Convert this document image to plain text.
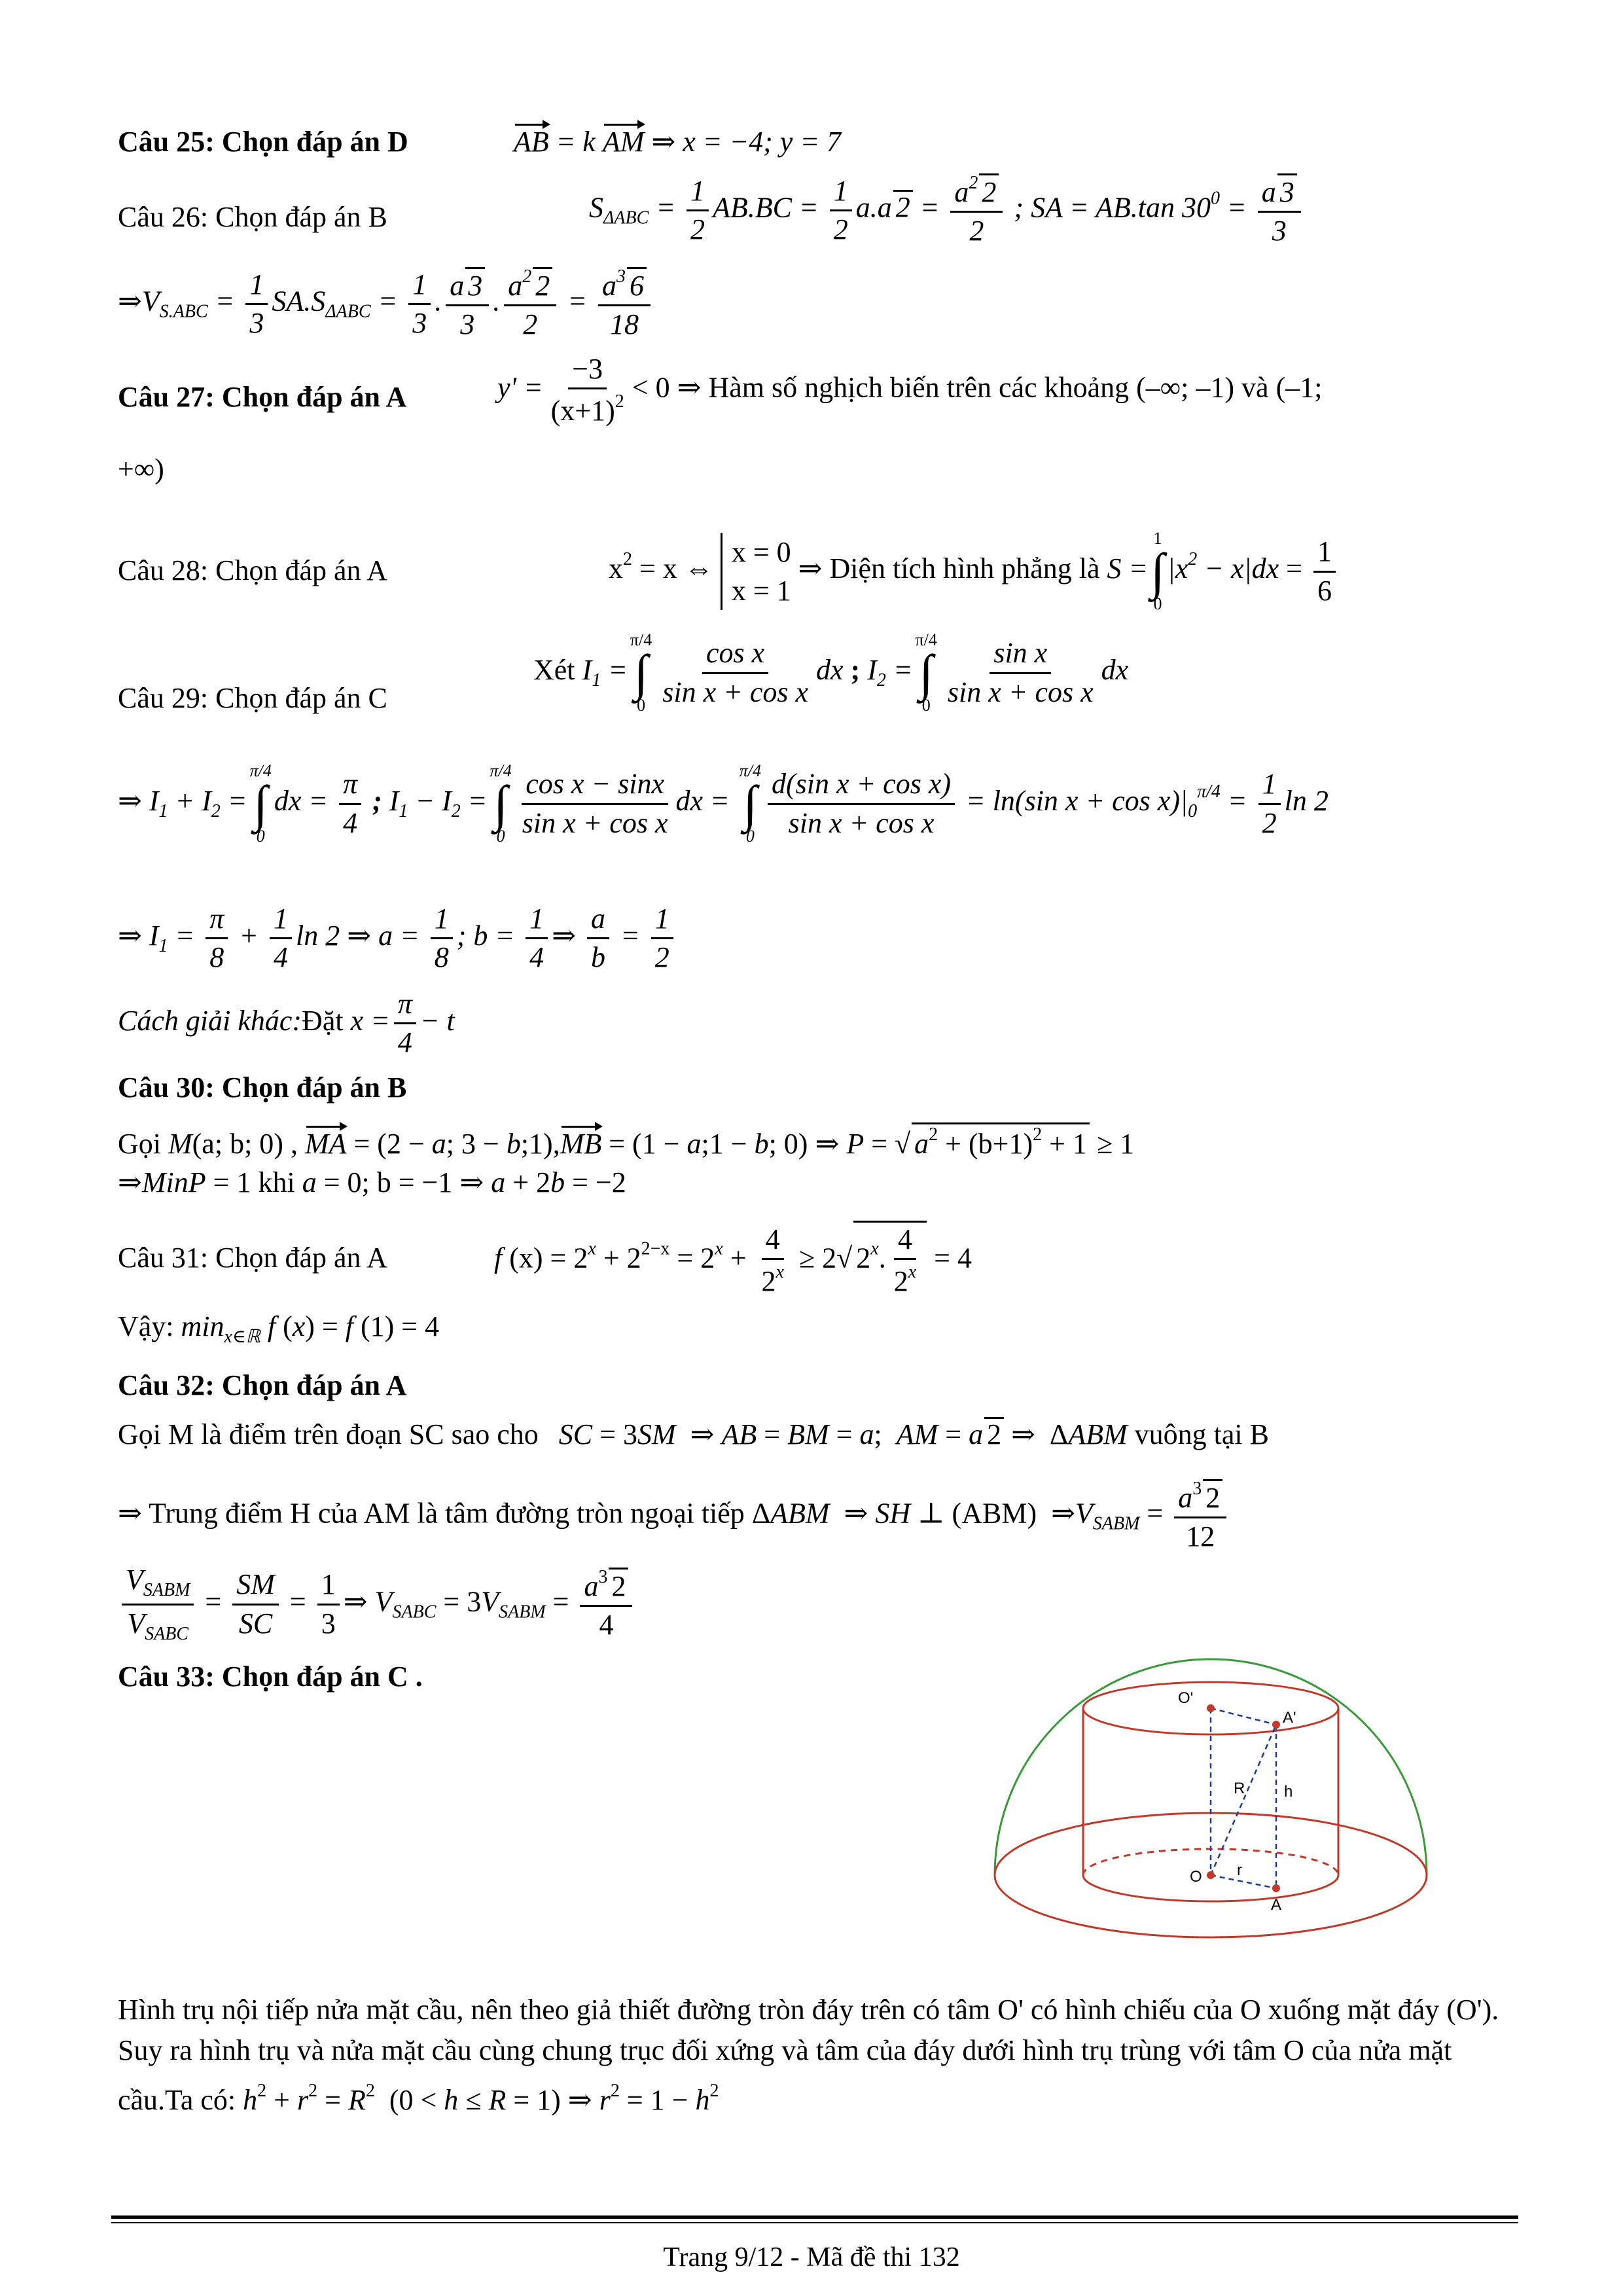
Câu 25: Chọn đáp án D	AB = k AM ⇒ x = −4; y = 7
Câu 26: Chọn đáp án B	$S_{\Delta ABC} = \frac{1}{2} AB.BC = \frac{1}{2} a.a$ $2 = \frac{a^2 2}{2}$ ; SA = AB.tan $30^0 = \frac{a 3}{3}$
$\Rightarrow V_{S.ABC} = \frac{1}{3} SA.S_{\Delta ABC} = \frac{1}{3}$ . $\frac{a 3}{3}$ . $\frac{a^2 2}{2} = \frac{a^3 6}{18}$
Câu 27: Chọn đáp án A	$y' = \frac{-3}{(x+1)^2} < 0$ ⇒ Hàm số nghịch biến trên các khoảng (–∞; –1) và (–1;
+∞)
Câu 28: Chọn đáp án A	$x^2 = x$ ⇔
x = 0
x = 1
⇒ Diện tích hình phẳng là S =
1
∫
0
$|x^2 - x|dx = \frac{1}{6}$
Câu 29: Chọn đáp án C
Xét $I_1$ =
π/4
∫
$0 \frac{\text{cos x}}{\text{sin x + cos x}}$ dx ; $I_2$ =
π/4
∫
$0 \frac{\text{sin x}}{\text{sin x + cos x}}$ dx
⇒ $I_1 + I_2$ =
π/4
∫
0
dx = $\frac{\pi}{4}$ ; $I_1 - I_2$ =
π/4
∫
$0 \frac{\text{cos x − sinx}}{\text{sin x + cos x}}$ dx =
π/4
∫
$0 \frac{\text{d(sin x + cos x)}}{\text{sin x + cos x}} = \ln(\sin$ $x + \cos x)|_0^{\pi/4} = \frac{1}{2}$ ln 2
⇒ $I_1 = \frac{\pi}{8} + \frac{1}{4}$ ln 2 ⇒ $a = \frac{1}{8}$ ; $b = \frac{1}{4}$ ⇒ $\frac{a}{b} = \frac{1}{2}$
Cách giải khác:Đặt $x = \frac{\pi}{4} - t$
Câu 30: Chọn đáp án B
Gọi M(a; b; 0) , MA = (2 − a; 3 − b;1),MB = (1 − a;1 − b; 0) ⇒ P = √ $a^2 + (b+1)^2 + 1 \ge 1$
⇒MinP = 1 khi a = 0; b = −1 ⇒ a + 2b = −2
Câu 31: Chọn đáp án A	f $(x) = 2^x + 2^{2-x} = 2^x + \frac{4}{2^x} \ge 2√$ 2$^x$. $\frac{4}{2^x} = 4$
Vậy: $\min_{x\in ℝ} f$ (x) = f (1) = 4
Câu 32: Chọn đáp án A
Gọi M là điểm trên đoạn SC sao cho SC = 3SM  ⇒ AB = BM = a;  AM = a 2 ⇒  ΔABM vuông tại B
⇒ Trung điểm H của AM là tâm đường tròn ngoại tiếp ΔABM  ⇒ SH ⊥ (ABM)  $\Rightarrow V_{SABM} = \frac{a^3 2}{12}$
$V_{SABM}$
$V_{SABC}$
= $\frac{SM}{SC} = \frac{1}{3}$ ⇒ $V_{SABC} = 3V_{SABM} = \frac{a^3 2}{4}$
Câu 33: Chọn đáp án C .
O'
A'
R h
O r
A
Hình trụ nội tiếp nửa mặt cầu, nên theo giả thiết đường tròn đáy trên có tâm O' có hình chiếu của O xuống mặt đáy (O'). Suy ra hình trụ và nửa mặt cầu cùng chung trục đối xứng và tâm của đáy dưới hình trụ trùng với tâm O của nửa mặt cầu.Ta có: $h^2 + r^2 = R^2$  (0 < h ≤ R = 1) ⇒ $r^2 = 1 - h^2$
Trang 9/12 - Mã đề thi 132
